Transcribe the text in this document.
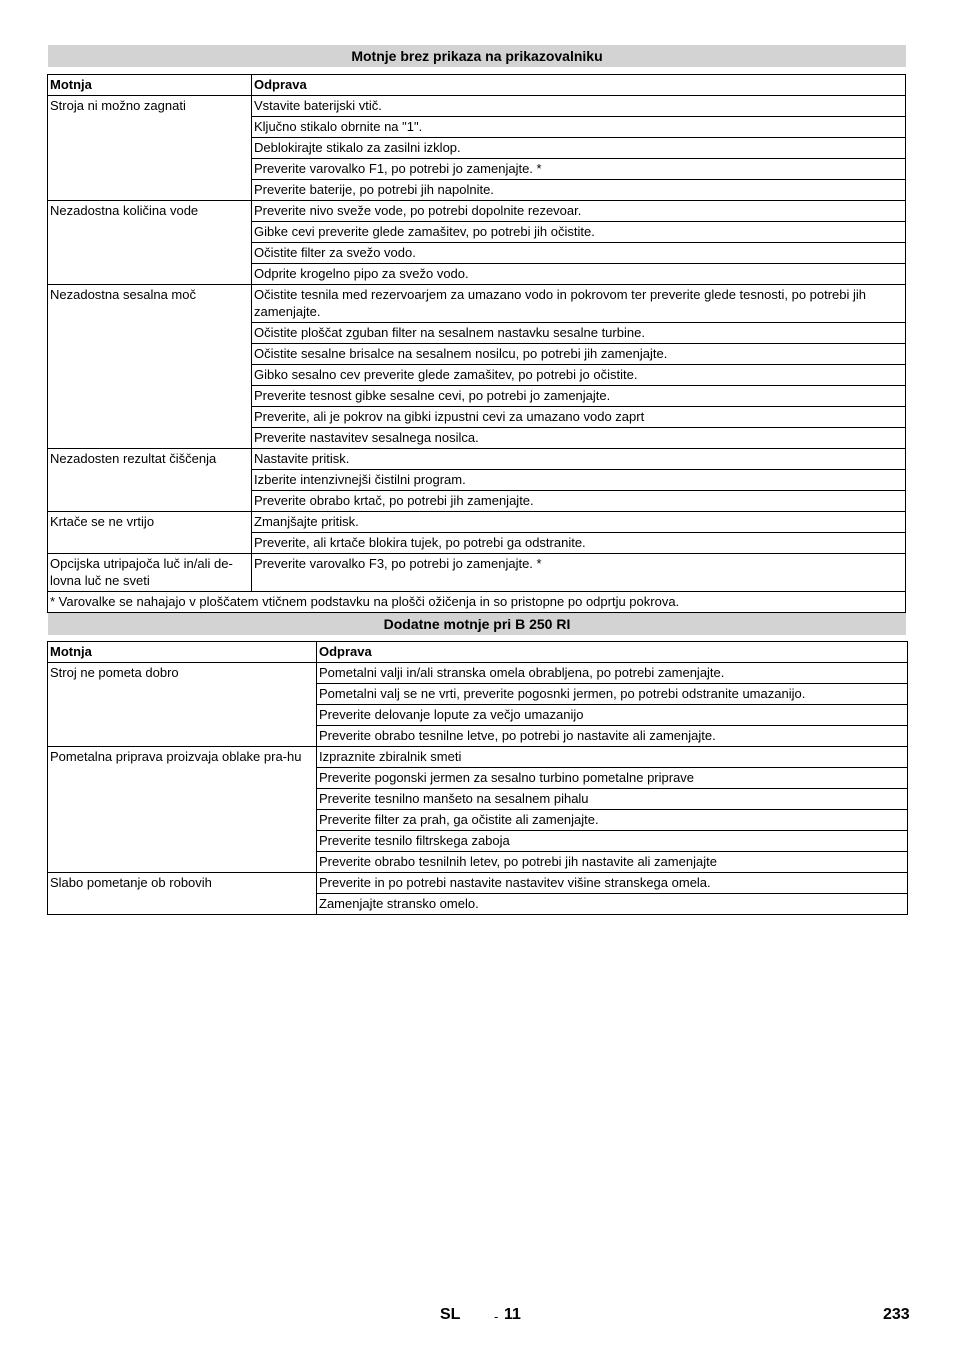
Motnje brez prikaza na prikazovalniku
Motnja	Odprava
Stroja ni možno zagnati	Vstavite baterijski vtič.
	Ključno stikalo obrnite na "1".
	Deblokirajte stikalo za zasilni izklop.
	Preverite varovalko F1, po potrebi jo zamenjajte. *
	Preverite baterije, po potrebi jih napolnite.
Nezadostna količina vode	Preverite nivo sveže vode, po potrebi dopolnite rezevoar.
	Gibke cevi preverite glede zamašitev, po potrebi jih očistite.
	Očistite filter za svežo vodo.
	Odprite krogelno pipo za svežo vodo.
Nezadostna sesalna moč	Očistite tesnila med rezervoarjem za umazano vodo in pokrovom ter preverite glede tesnosti, po potrebi jih zamenjajte.
	Očistite ploščat zguban filter na sesalnem nastavku sesalne turbine.
	Očistite sesalne brisalce na sesalnem nosilcu, po potrebi jih zamenjajte.
	Gibko sesalno cev preverite glede zamašitev, po potrebi jo očistite.
	Preverite tesnost gibke sesalne cevi, po potrebi jo zamenjajte.
	Preverite, ali je pokrov na gibki izpustni cevi za umazano vodo zaprt
	Preverite nastavitev sesalnega nosilca.
Nezadosten rezultat čiščenja	Nastavite pritisk.
	Izberite intenzivnejši čistilni program.
	Preverite obrabo krtač, po potrebi jih zamenjajte.
Krtače se ne vrtijo	Zmanjšajte pritisk.
	Preverite, ali krtače blokira tujek, po potrebi ga odstranite.
Opcijska utripajoča luč in/ali de-lovna luč ne sveti	Preverite varovalko F3, po potrebi jo zamenjajte. *
* Varovalke se nahajajo v ploščatem vtičnem podstavku na plošči ožičenja in so pristopne po odprtju pokrova.	
Dodatne motnje pri B 250 RI
Motnja	Odprava
Stroj ne pometa dobro	Pometalni valji in/ali stranska omela obrabljena, po potrebi zamenjajte.
	Pometalni valj se ne vrti, preverite pogosnki jermen, po potrebi odstranite umazanijo.
	Preverite delovanje lopute za večjo umazanijo
	Preverite obrabo tesnilne letve, po potrebi jo nastavite ali zamenjajte.
Pometalna priprava proizvaja oblake pra-hu	Izpraznite zbiralnik smeti
	Preverite pogonski jermen za sesalno turbino pometalne priprave
	Preverite tesnilno manšeto na sesalnem pihalu
	Preverite filter za prah, ga očistite ali zamenjajte.
	Preverite tesnilo filtrskega zaboja
	Preverite obrabo tesnilnih letev, po potrebi jih nastavite ali zamenjajte
Slabo pometanje ob robovih	Preverite in po potrebi nastavite nastavitev višine stranskega omela.
	Zamenjajte stransko omelo.
SL	- 11	233
